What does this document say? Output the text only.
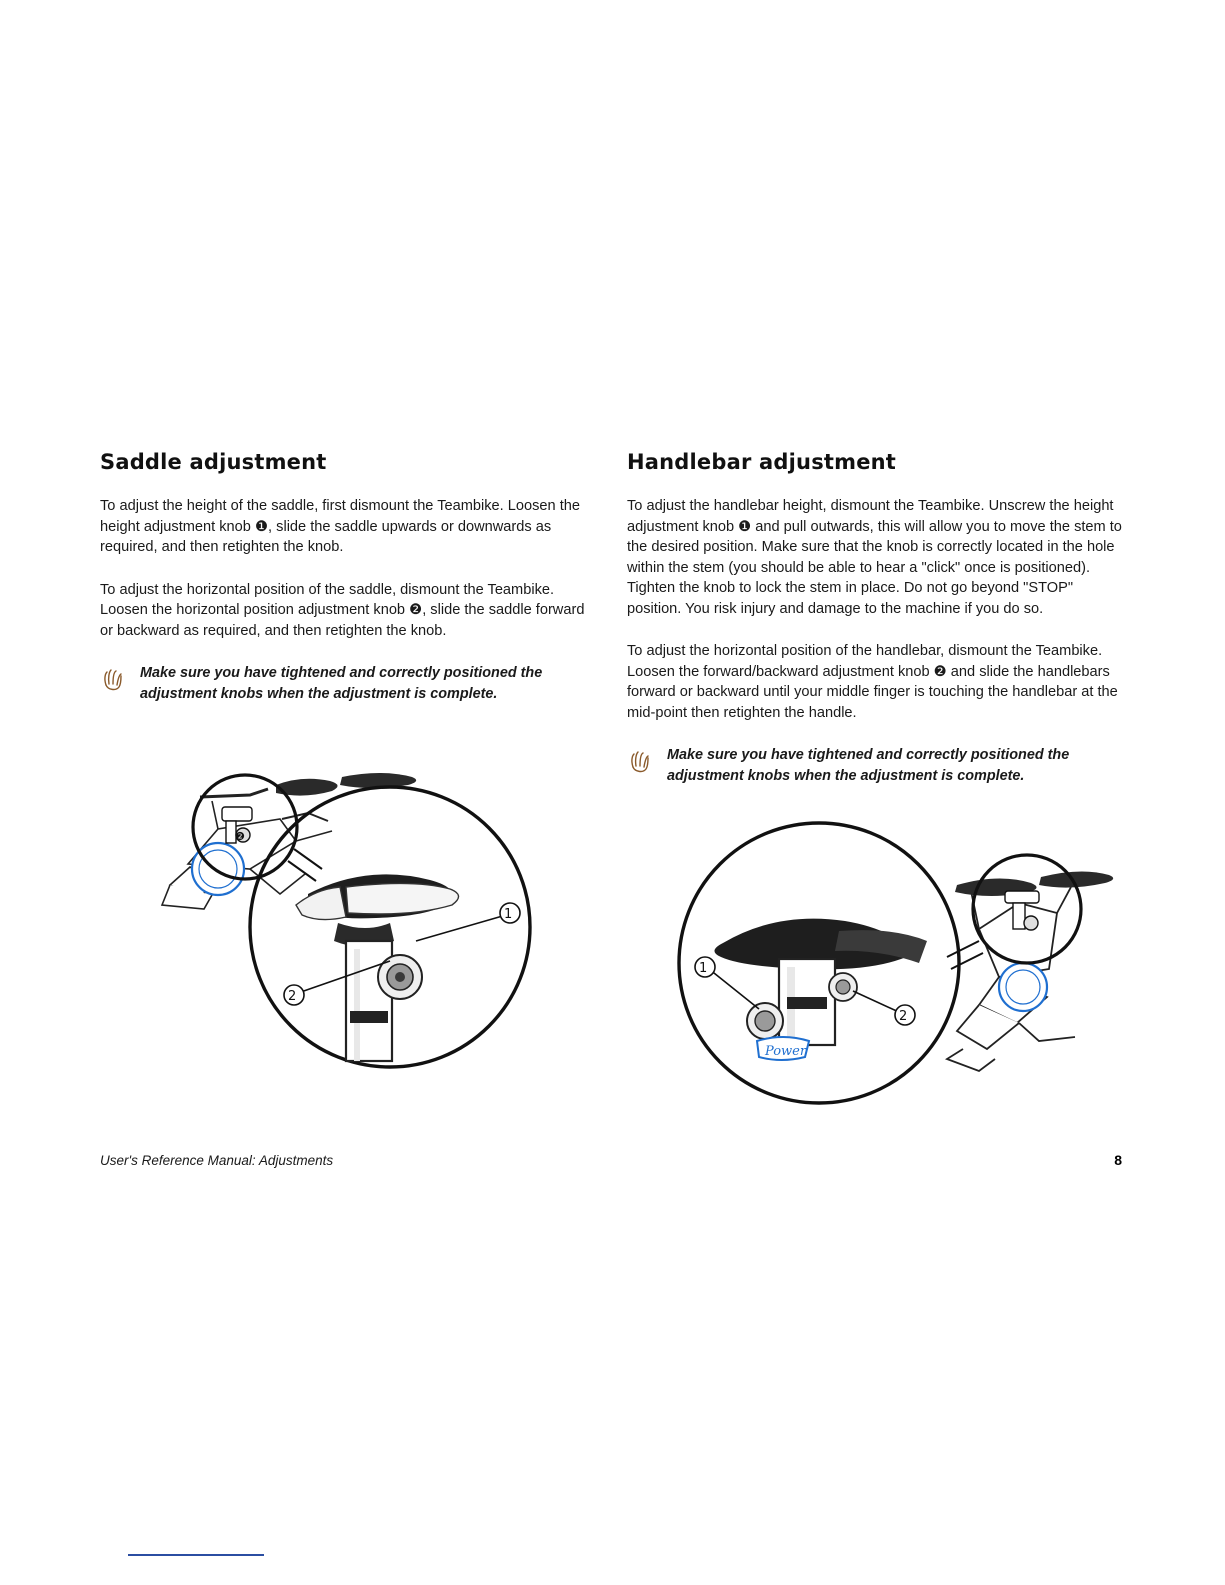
Saddle adjustment

To adjust the height of the saddle, first dismount the Teambike. Loosen the height adjustment knob ❶, slide the saddle upwards or downwards as required, and then retighten the knob.

To adjust the horizontal position of the saddle, dismount the Teambike. Loosen the horizontal position adjustment knob ❷, slide the saddle forward or backward as required, and then retighten the knob.

Make sure you have tightened and correctly positioned the adjustment knobs when the adjustment is complete.
❷
1
2
Handlebar adjustment

To adjust the handlebar height, dismount the Teambike. Unscrew the height adjustment knob ❶ and pull outwards, this will allow you to move the stem to the desired position. Make sure that the knob is correctly located in the hole within the stem (you should be able to hear a "click" once is positioned). Tighten the knob to lock the stem in place. Do not go beyond "STOP" position. You risk injury and damage to the machine if you do so.

To adjust the horizontal position of the handlebar, dismount the Teambike. Loosen the forward/backward adjustment knob ❷ and slide the handlebars forward or backward until your middle finger is touching the handlebar at the mid-point then retighten the handle.

Make sure you have tightened and correctly positioned the adjustment knobs when the adjustment is complete.
Power
1
2
User's Reference Manual: Adjustments	8
